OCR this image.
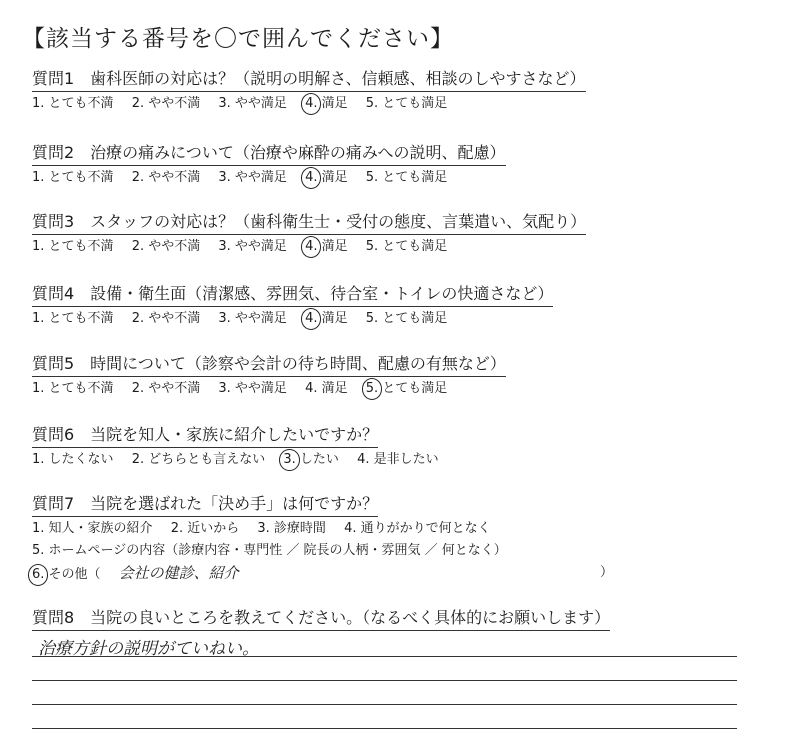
【該当する番号を〇で囲んでください】
質問1　歯科医師の対応は？（説明の明解さ、信頼感、相談のしやすさなど）
1. とても不満 2. やや不満 3. やや満足 4. 満足 5. とても満足
質問2　治療の痛みについて（治療や麻酔の痛みへの説明、配慮）
1. とても不満 2. やや不満 3. やや満足 4. 満足 5. とても満足
質問3　スタッフの対応は？（歯科衛生士・受付の態度、言葉遣い、気配り）
1. とても不満 2. やや不満 3. やや満足 4. 満足 5. とても満足
質問4　設備・衛生面（清潔感、雰囲気、待合室・トイレの快適さなど）
1. とても不満 2. やや不満 3. やや満足 4. 満足 5. とても満足
質問5　時間について（診察や会計の待ち時間、配慮の有無など）
1. とても不満 2. やや不満 3. やや満足 4. 満足 5. とても満足
質問6　当院を知人・家族に紹介したいですか？
1. したくない 2. どちらとも言えない 3. したい 4. 是非したい
質問7　当院を選ばれた「決め手」は何ですか？
1. 知人・家族の紹介 2. 近いから 3. 診療時間 4. 通りがかりで何となく
5. ホームページの内容（診療内容・専門性 ／ 院長の人柄・雰囲気 ／ 何となく）
6. その他（ 会社の健診、紹介	）
質問8　当院の良いところを教えてください。（なるべく具体的にお願いします）
治療方針の説明がていねい。
